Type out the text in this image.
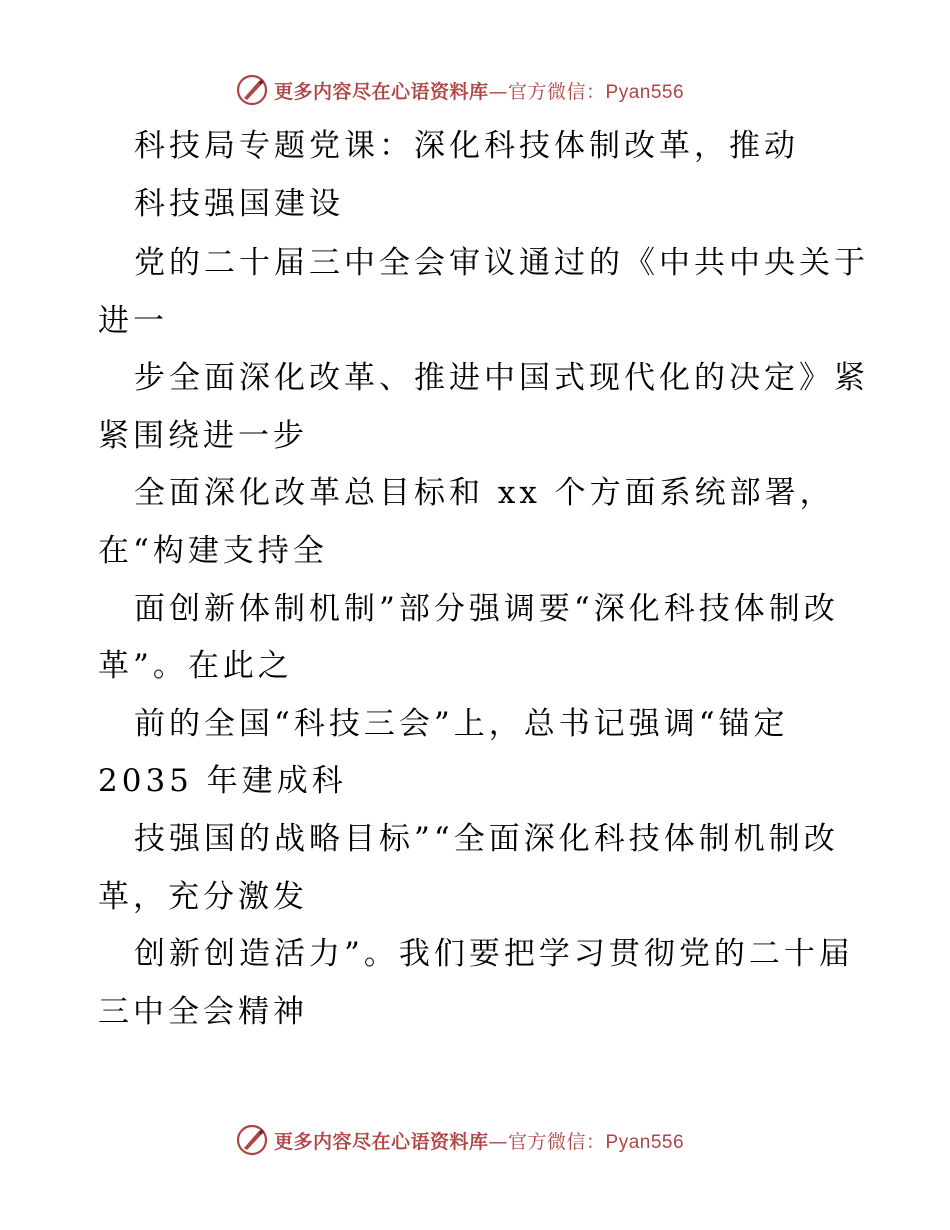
更多内容尽在心语资料库—官方微信：Pyan556
科技局专题党课：深化科技体制改革，推动
科技强国建设
党的二十届三中全会审议通过的《中共中央关于
进一
步全面深化改革、推进中国式现代化的决定》紧
紧围绕进一步
全面深化改革总目标和 xx 个方面系统部署，
在“构建支持全
面创新体制机制”部分强调要“深化科技体制改
革”。在此之
前的全国“科技三会”上，总书记强调“锚定
2035 年建成科
技强国的战略目标”“全面深化科技体制机制改
革，充分激发
创新创造活力”。我们要把学习贯彻党的二十届
三中全会精神
更多内容尽在心语资料库—官方微信：Pyan556
